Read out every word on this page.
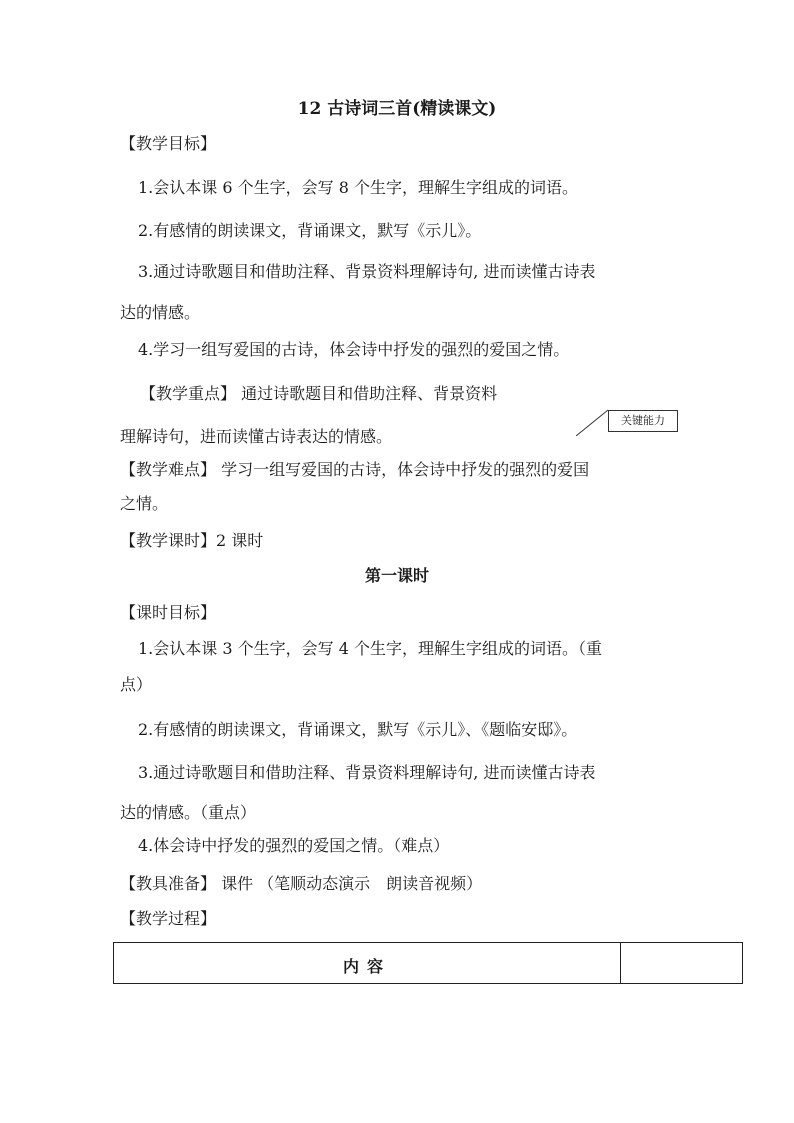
12 古诗词三首(精读课文)
【教学目标】
1.会认本课 6 个生字，会写 8 个生字，理解生字组成的词语。
2.有感情的朗读课文，背诵课文，默写《示儿》。
3.通过诗歌题目和借助注释、背景资料理解诗句, 进而读懂古诗表
达的情感。
4.学习一组写爱国的古诗，体会诗中抒发的强烈的爱国之情。
【教学重点】 通过诗歌题目和借助注释、背景资料
理解诗句，进而读懂古诗表达的情感。
关键能力
【教学难点】 学习一组写爱国的古诗，体会诗中抒发的强烈的爱国
之情。
【教学课时】2 课时
第一课时
【课时目标】
1.会认本课 3 个生字，会写 4 个生字，理解生字组成的词语。（重
点）
2.有感情的朗读课文，背诵课文，默写《示儿》、《题临安邸》。
3.通过诗歌题目和借助注释、背景资料理解诗句, 进而读懂古诗表
达的情感。（重点）
4.体会诗中抒发的强烈的爱国之情。（难点）
【教具准备】 课件 （笔顺动态演示　朗读音视频）
【教学过程】
内容
